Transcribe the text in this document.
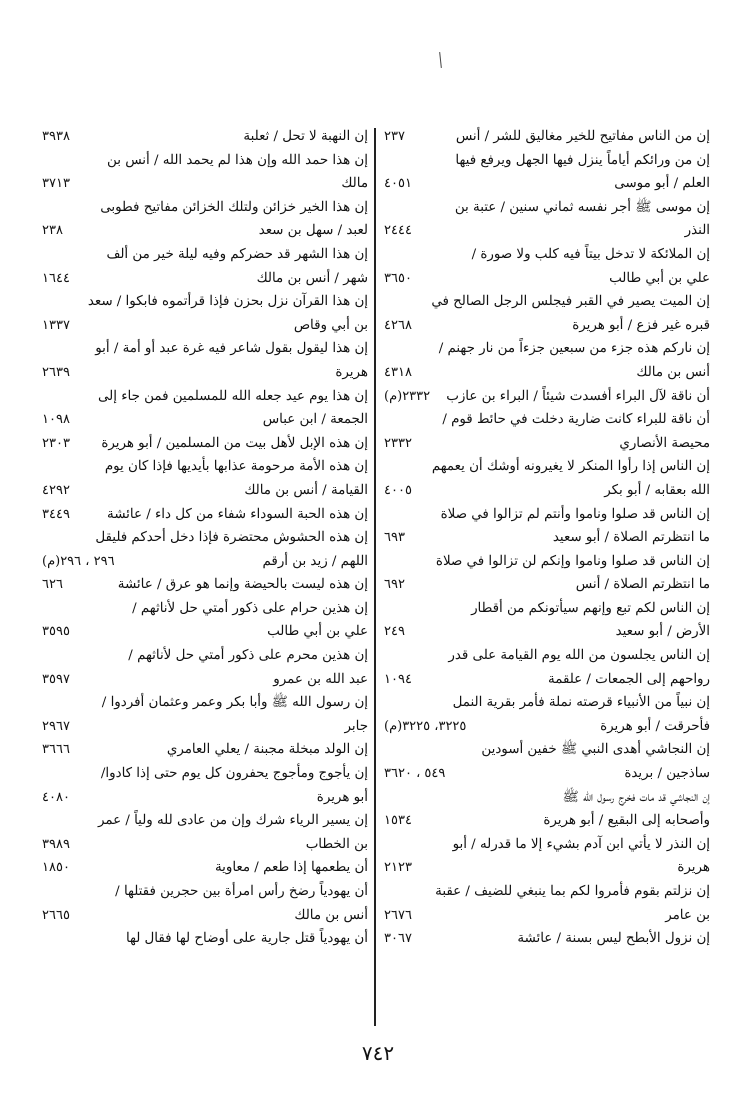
إن من الناس مفاتيح للخير مغاليق للشر / أنس
٢٣٧
إن من ورائكم أياماً ينزل فيها الجهل ويرفع فيها
العلم / أبو موسى
٤٠٥١
إن موسى ﷺ أجر نفسه ثماني سنين / عتبة بن
النذر
٢٤٤٤
إن الملائكة لا تدخل بيتاً فيه كلب ولا صورة /
علي بن أبي طالب
٣٦٥٠
إن الميت يصير في القبر فيجلس الرجل الصالح في
قبره غير فزع / أبو هريرة
٤٢٦٨
إن ناركم هذه جزء من سبعين جزءاً من نار جهنم /
أنس بن مالك
٤٣١٨
أن ناقة لآل البراء أفسدت شيئاً / البراء بن عازب
٢٣٣٢(م)
أن ناقة للبراء كانت ضارية دخلت في حائط قوم /
محيصة الأنصاري
٢٣٣٢
إن الناس إذا رأوا المنكر لا يغيرونه أوشك أن يعمهم
الله بعقابه / أبو بكر
٤٠٠٥
إن الناس قد صلوا وناموا وأنتم لم تزالوا في صلاة
ما انتظرتم الصلاة / أبو سعيد
٦٩٣
إن الناس قد صلوا وناموا وإنكم لن تزالوا في صلاة
ما انتظرتم الصلاة / أنس
٦٩٢
إن الناس لكم تبع وإنهم سيأتونكم من أقطار
الأرض / أبو سعيد
٢٤٩
إن الناس يجلسون من الله يوم القيامة على قدر
رواحهم إلى الجمعات / علقمة
١٠٩٤
إن نبياً من الأنبياء قرصته نملة فأمر بقرية النمل
فأحرقت / أبو هريرة
٣٢٢٥، ٣٢٢٥(م)
إن النجاشي أهدى النبي ﷺ خفين أسودين
ساذجين / بريدة
٥٤٩ ، ٣٦٢٠
إن النجاشي قد مات فخرج رسول الله ﷺ
وأصحابه إلى البقيع / أبو هريرة
١٥٣٤
إن النذر لا يأتي ابن آدم بشيء إلا ما قدرله / أبو
هريرة
٢١٢٣
إن نزلتم بقوم فأمروا لكم بما ينبغي للضيف / عقبة
بن عامر
٢٦٧٦
إن نزول الأبطح ليس بسنة / عائشة
٣٠٦٧
إن النهبة لا تحل / ثعلبة
٣٩٣٨
إن هذا حمد الله وإن هذا لم يحمد الله / أنس بن
مالك
٣٧١٣
إن هذا الخير خزائن ولتلك الخزائن مفاتيح فطوبى
لعبد / سهل بن سعد
٢٣٨
إن هذا الشهر قد حضركم وفيه ليلة خير من ألف
شهر / أنس بن مالك
١٦٤٤
إن هذا القرآن نزل بحزن فإذا قرأتموه فابكوا / سعد
بن أبي وقاص
١٣٣٧
إن هذا ليقول بقول شاعر فيه غرة عبد أو أمة / أبو
هريرة
٢٦٣٩
إن هذا يوم عيد جعله الله للمسلمين فمن جاء إلى
الجمعة / ابن عباس
١٠٩٨
إن هذه الإبل لأهل بيت من المسلمين / أبو هريرة
٢٣٠٣
إن هذه الأمة مرحومة عذابها بأيديها فإذا كان يوم
القيامة / أنس بن مالك
٤٢٩٢
إن هذه الحبة السوداء شفاء من كل داء / عائشة
٣٤٤٩
إن هذه الحشوش محتضرة فإذا دخل أحدكم فليقل
اللهم / زيد بن أرقم
٢٩٦ ، ٢٩٦(م)
إن هذه ليست بالحيضة وإنما هو عرق / عائشة
٦٢٦
إن هذين حرام على ذكور أمتي حل لأناثهم /
علي بن أبي طالب
٣٥٩٥
إن هذين محرم على ذكور أمتي حل لأناثهم /
عبد الله بن عمرو
٣٥٩٧
إن رسول الله ﷺ وأبا بكر وعمر وعثمان أفردوا /
جابر
٢٩٦٧
إن الولد مبخلة مجبنة / يعلي العامري
٣٦٦٦
إن يأجوج ومأجوج يحفرون كل يوم حتى إذا كادوا/
أبو هريرة
٤٠٨٠
إن يسير الرياء شرك وإن من عادى لله ولياً / عمر
بن الخطاب
٣٩٨٩
أن يطعمها إذا طعم / معاوية
١٨٥٠
أن يهودياً رضخ رأس امرأة بين حجرين فقتلها /
أنس بن مالك
٢٦٦٥
أن يهودياً قتل جارية على أوضاح لها فقال لها
٧٤٢
